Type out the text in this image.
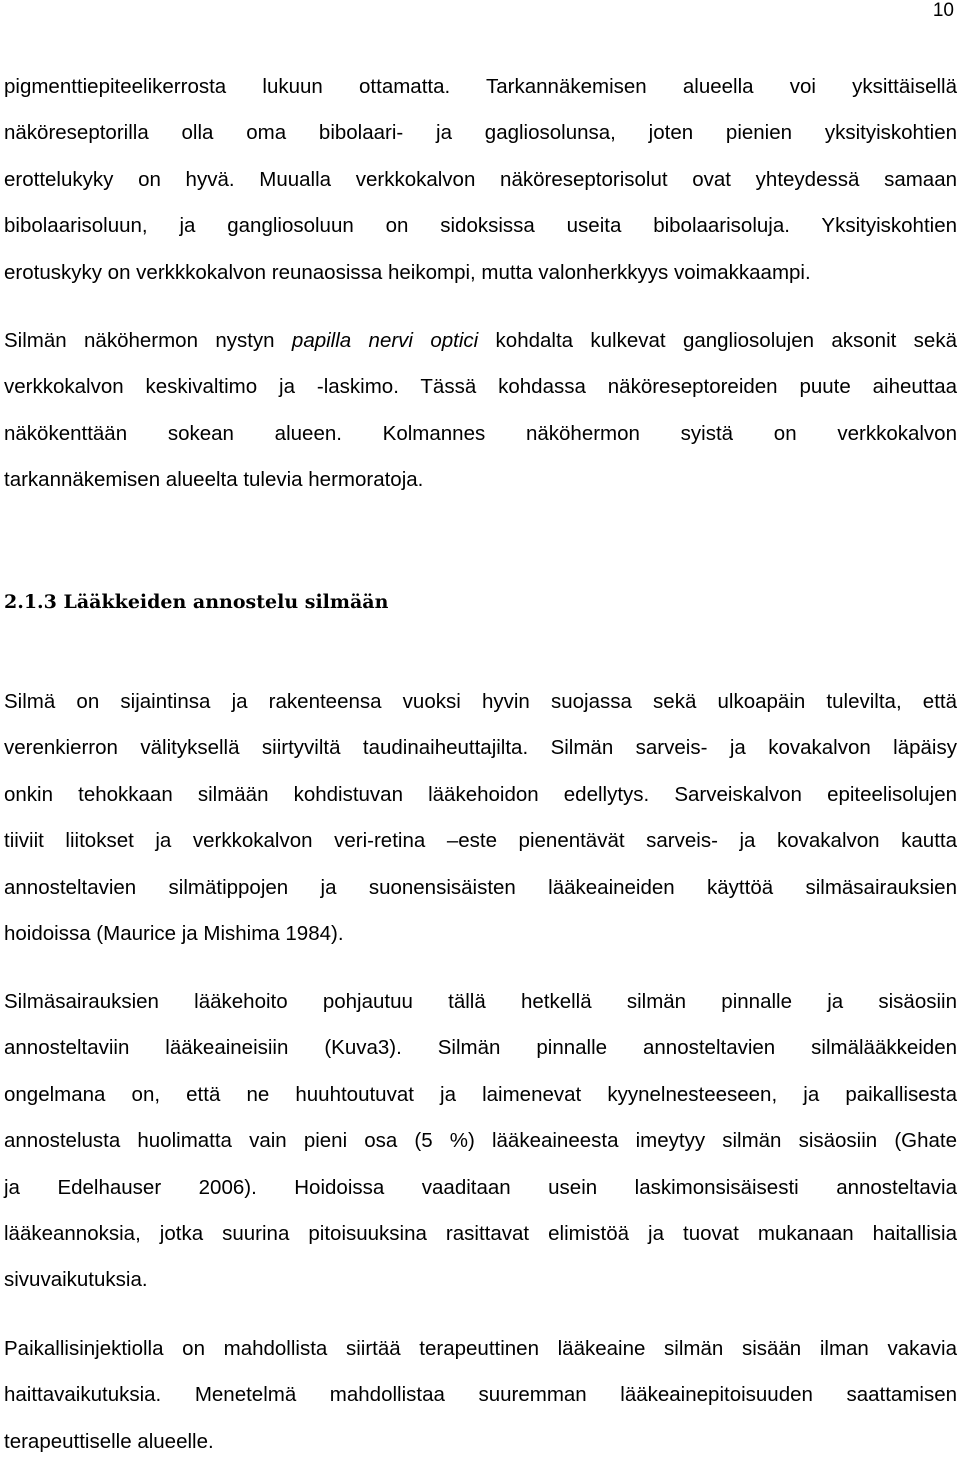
10

pigmenttiepiteelikerrosta lukuun ottamatta. Tarkannäkemisen alueella voi yksittäisellä
näköreseptorilla olla oma bibolaari- ja gagliosolunsa, joten pienien yksityiskohtien
erottelukyky on hyvä. Muualla verkkokalvon näköreseptorisolut ovat yhteydessä samaan
bibolaarisoluun, ja gangliosoluun on sidoksissa useita bibolaarisoluja. Yksityiskohtien
erotuskyky on verkkkokalvon reunaosissa heikompi, mutta valonherkkyys voimakkaampi.

Silmän näköhermon nystyn papilla nervi optici kohdalta kulkevat gangliosolujen aksonit sekä
verkkokalvon keskivaltimo ja -laskimo. Tässä kohdassa näköreseptoreiden puute aiheuttaa
näkökenttään sokean alueen. Kolmannes näköhermon syistä on verkkokalvon
tarkannäkemisen alueelta tulevia hermoratoja.

2.1.3 Lääkkeiden annostelu silmään

Silmä on sijaintinsa ja rakenteensa vuoksi hyvin suojassa sekä ulkoapäin tulevilta, että
verenkierron välityksellä siirtyviltä taudinaiheuttajilta. Silmän sarveis- ja kovakalvon läpäisy
onkin tehokkaan silmään kohdistuvan lääkehoidon edellytys. Sarveiskalvon epiteelisolujen
tiiviit liitokset ja verkkokalvon veri-retina –este pienentävät sarveis- ja kovakalvon kautta
annosteltavien silmätippojen ja suonensisäisten lääkeaineiden käyttöä silmäsairauksien
hoidoissa (Maurice ja Mishima 1984).

Silmäsairauksien lääkehoito pohjautuu tällä hetkellä silmän pinnalle ja sisäosiin
annosteltaviin lääkeaineisiin (Kuva3). Silmän pinnalle annosteltavien silmälääkkeiden
ongelmana on, että ne huuhtoutuvat ja laimenevat kyynelnesteeseen, ja paikallisesta
annostelusta huolimatta vain pieni osa (5 %) lääkeaineesta imeytyy silmän sisäosiin (Ghate
ja Edelhauser 2006). Hoidoissa vaaditaan usein laskimonsisäisesti annosteltavia
lääkeannoksia, jotka suurina pitoisuuksina rasittavat elimistöä ja tuovat mukanaan haitallisia
sivuvaikutuksia.

Paikallisinjektiolla on mahdollista siirtää terapeuttinen lääkeaine silmän sisään ilman vakavia
haittavaikutuksia. Menetelmä mahdollistaa suuremman lääkeainepitoisuuden saattamisen
terapeuttiselle alueelle.
